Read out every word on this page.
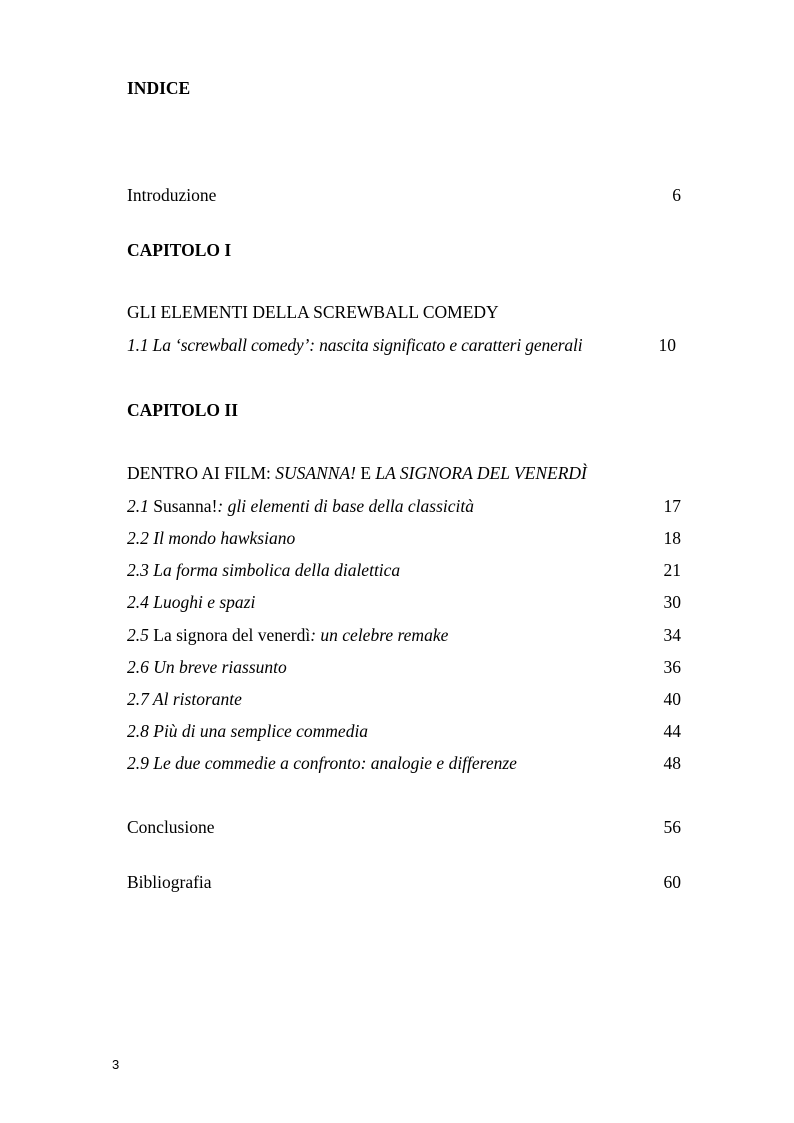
INDICE
Introduzione	6
CAPITOLO I
GLI ELEMENTI DELLA SCREWBALL COMEDY
1.1 La ‘screwball comedy’: nascita significato e caratteri generali	10
CAPITOLO II
DENTRO AI FILM: SUSANNA! E LA SIGNORA DEL VENERDÌ
2.1 Susanna!: gli elementi di base della classicità	17
2.2 Il mondo hawksiano	18
2.3 La forma simbolica della dialettica	21
2.4 Luoghi e spazi	30
2.5 La signora del venerdì: un celebre remake	34
2.6 Un breve riassunto	36
2.7 Al ristorante	40
2.8 Più di una semplice commedia	44
2.9 Le due commedie a confronto: analogie e differenze	48
Conclusione	56
Bibliografia	60
3
